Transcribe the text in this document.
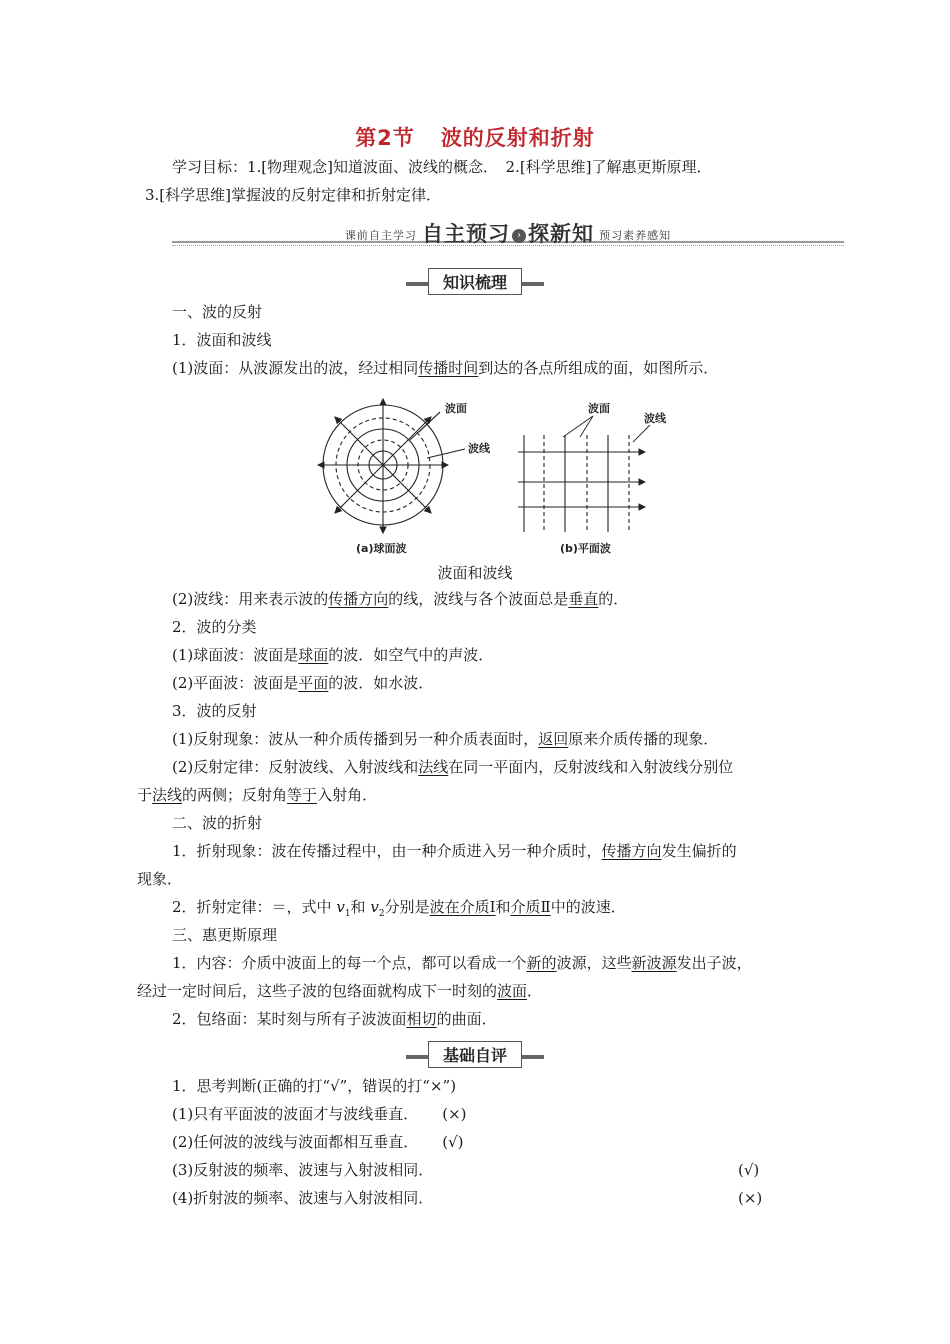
第2节 波的反射和折射
学习目标：1.[物理观念]知道波面、波线的概念．　2.[科学思维]了解惠更斯原理．
3.[科学思维]掌握波的反射定律和折射定律．
课前自主学习 自主预习 › 探新知 预习素养感知
知识梳理
一、波的反射
1．波面和波线
(1)波面：从波源发出的波，经过相同传播时间到达的各点所组成的面，如图所示．
波面
波线
(a)球面波
波面
波线
(b)平面波
波面和波线
(2)波线：用来表示波的传播方向的线，波线与各个波面总是垂直的．
2．波的分类
(1)球面波：波面是球面的波．如空气中的声波．
(2)平面波：波面是平面的波．如水波．
3．波的反射
(1)反射现象：波从一种介质传播到另一种介质表面时，返回原来介质传播的现象．
(2)反射定律：反射波线、入射波线和法线在同一平面内，反射波线和入射波线分别位
于法线的两侧；反射角等于入射角．
二、波的折射
1．折射现象：波在传播过程中，由一种介质进入另一种介质时，传播方向发生偏折的
现象．
2．折射定律：＝，式中 $v_1$和 $v_2$分别是波在介质Ⅰ和介质Ⅱ中的波速．
三、惠更斯原理
1．内容：介质中波面上的每一个点，都可以看成一个新的波源，这些新波源发出子波，
经过一定时间后，这些子波的包络面就构成下一时刻的波面．
2．包络面：某时刻与所有子波波面相切的曲面．
基础自评
1．思考判断(正确的打“√”，错误的打“×”)
(1)只有平面波的波面才与波线垂直． (×)
(2)任何波的波线与波面都相互垂直． (√)
(3)反射波的频率、波速与入射波相同．	(√)
(4)折射波的频率、波速与入射波相同．	(×)
